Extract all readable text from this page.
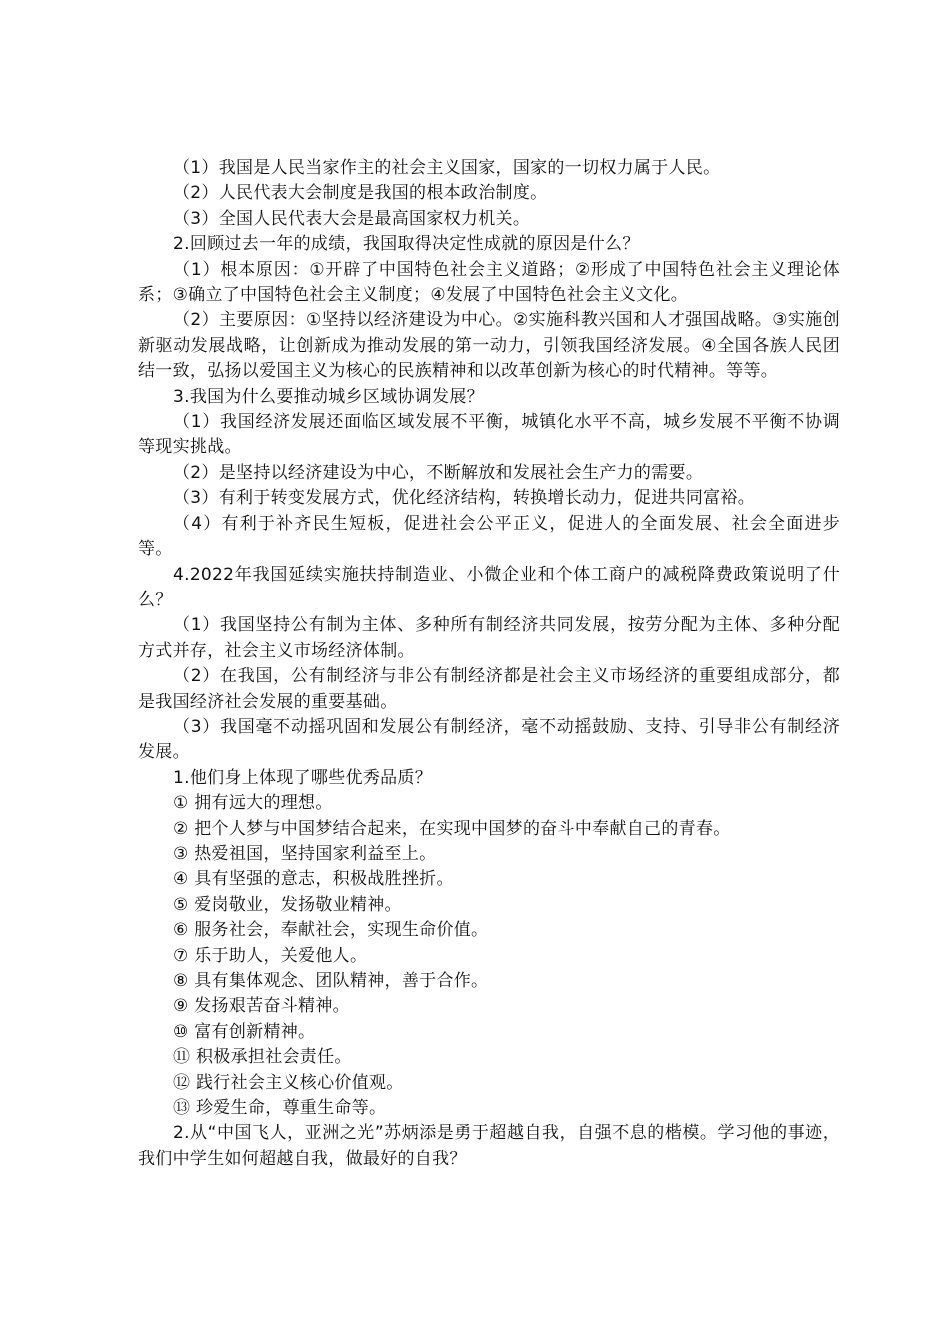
（1）我国是人民当家作主的社会主义国家，国家的一切权力属于人民。

（2）人民代表大会制度是我国的根本政治制度。

（3）全国人民代表大会是最高国家权力机关。

2.回顾过去一年的成绩，我国取得决定性成就的原因是什么？

（1）根本原因：①开辟了中国特色社会主义道路；②形成了中国特色社会主义理论体系；③确立了中国特色社会主义制度；④发展了中国特色社会主义文化。

（2）主要原因：①坚持以经济建设为中心。②实施科教兴国和人才强国战略。③实施创新驱动发展战略，让创新成为推动发展的第一动力，引领我国经济发展。④全国各族人民团结一致，弘扬以爱国主义为核心的民族精神和以改革创新为核心的时代精神。等等。

3.我国为什么要推动城乡区域协调发展？

（1）我国经济发展还面临区域发展不平衡，城镇化水平不高，城乡发展不平衡不协调等现实挑战。

（2）是坚持以经济建设为中心，不断解放和发展社会生产力的需要。

（3）有利于转变发展方式，优化经济结构，转换增长动力，促进共同富裕。

（4）有利于补齐民生短板，促进社会公平正义，促进人的全面发展、社会全面进步等。

4.2022年我国延续实施扶持制造业、小微企业和个体工商户的减税降费政策说明了什么？

（1）我国坚持公有制为主体、多种所有制经济共同发展，按劳分配为主体、多种分配方式并存，社会主义市场经济体制。

（2）在我国，公有制经济与非公有制经济都是社会主义市场经济的重要组成部分，都是我国经济社会发展的重要基础。

（3）我国毫不动摇巩固和发展公有制经济，毫不动摇鼓励、支持、引导非公有制经济发展。

1.他们身上体现了哪些优秀品质？

① 拥有远大的理想。

② 把个人梦与中国梦结合起来，在实现中国梦的奋斗中奉献自己的青春。

③ 热爱祖国，坚持国家利益至上。

④ 具有坚强的意志，积极战胜挫折。

⑤ 爱岗敬业，发扬敬业精神。

⑥ 服务社会，奉献社会，实现生命价值。

⑦ 乐于助人，关爱他人。

⑧ 具有集体观念、团队精神，善于合作。

⑨ 发扬艰苦奋斗精神。

⑩ 富有创新精神。

⑪ 积极承担社会责任。

⑫ 践行社会主义核心价值观。

⑬ 珍爱生命，尊重生命等。

2.从“中国飞人，亚洲之光”苏炳添是勇于超越自我，自强不息的楷模。学习他的事迹，我们中学生如何超越自我，做最好的自我？
